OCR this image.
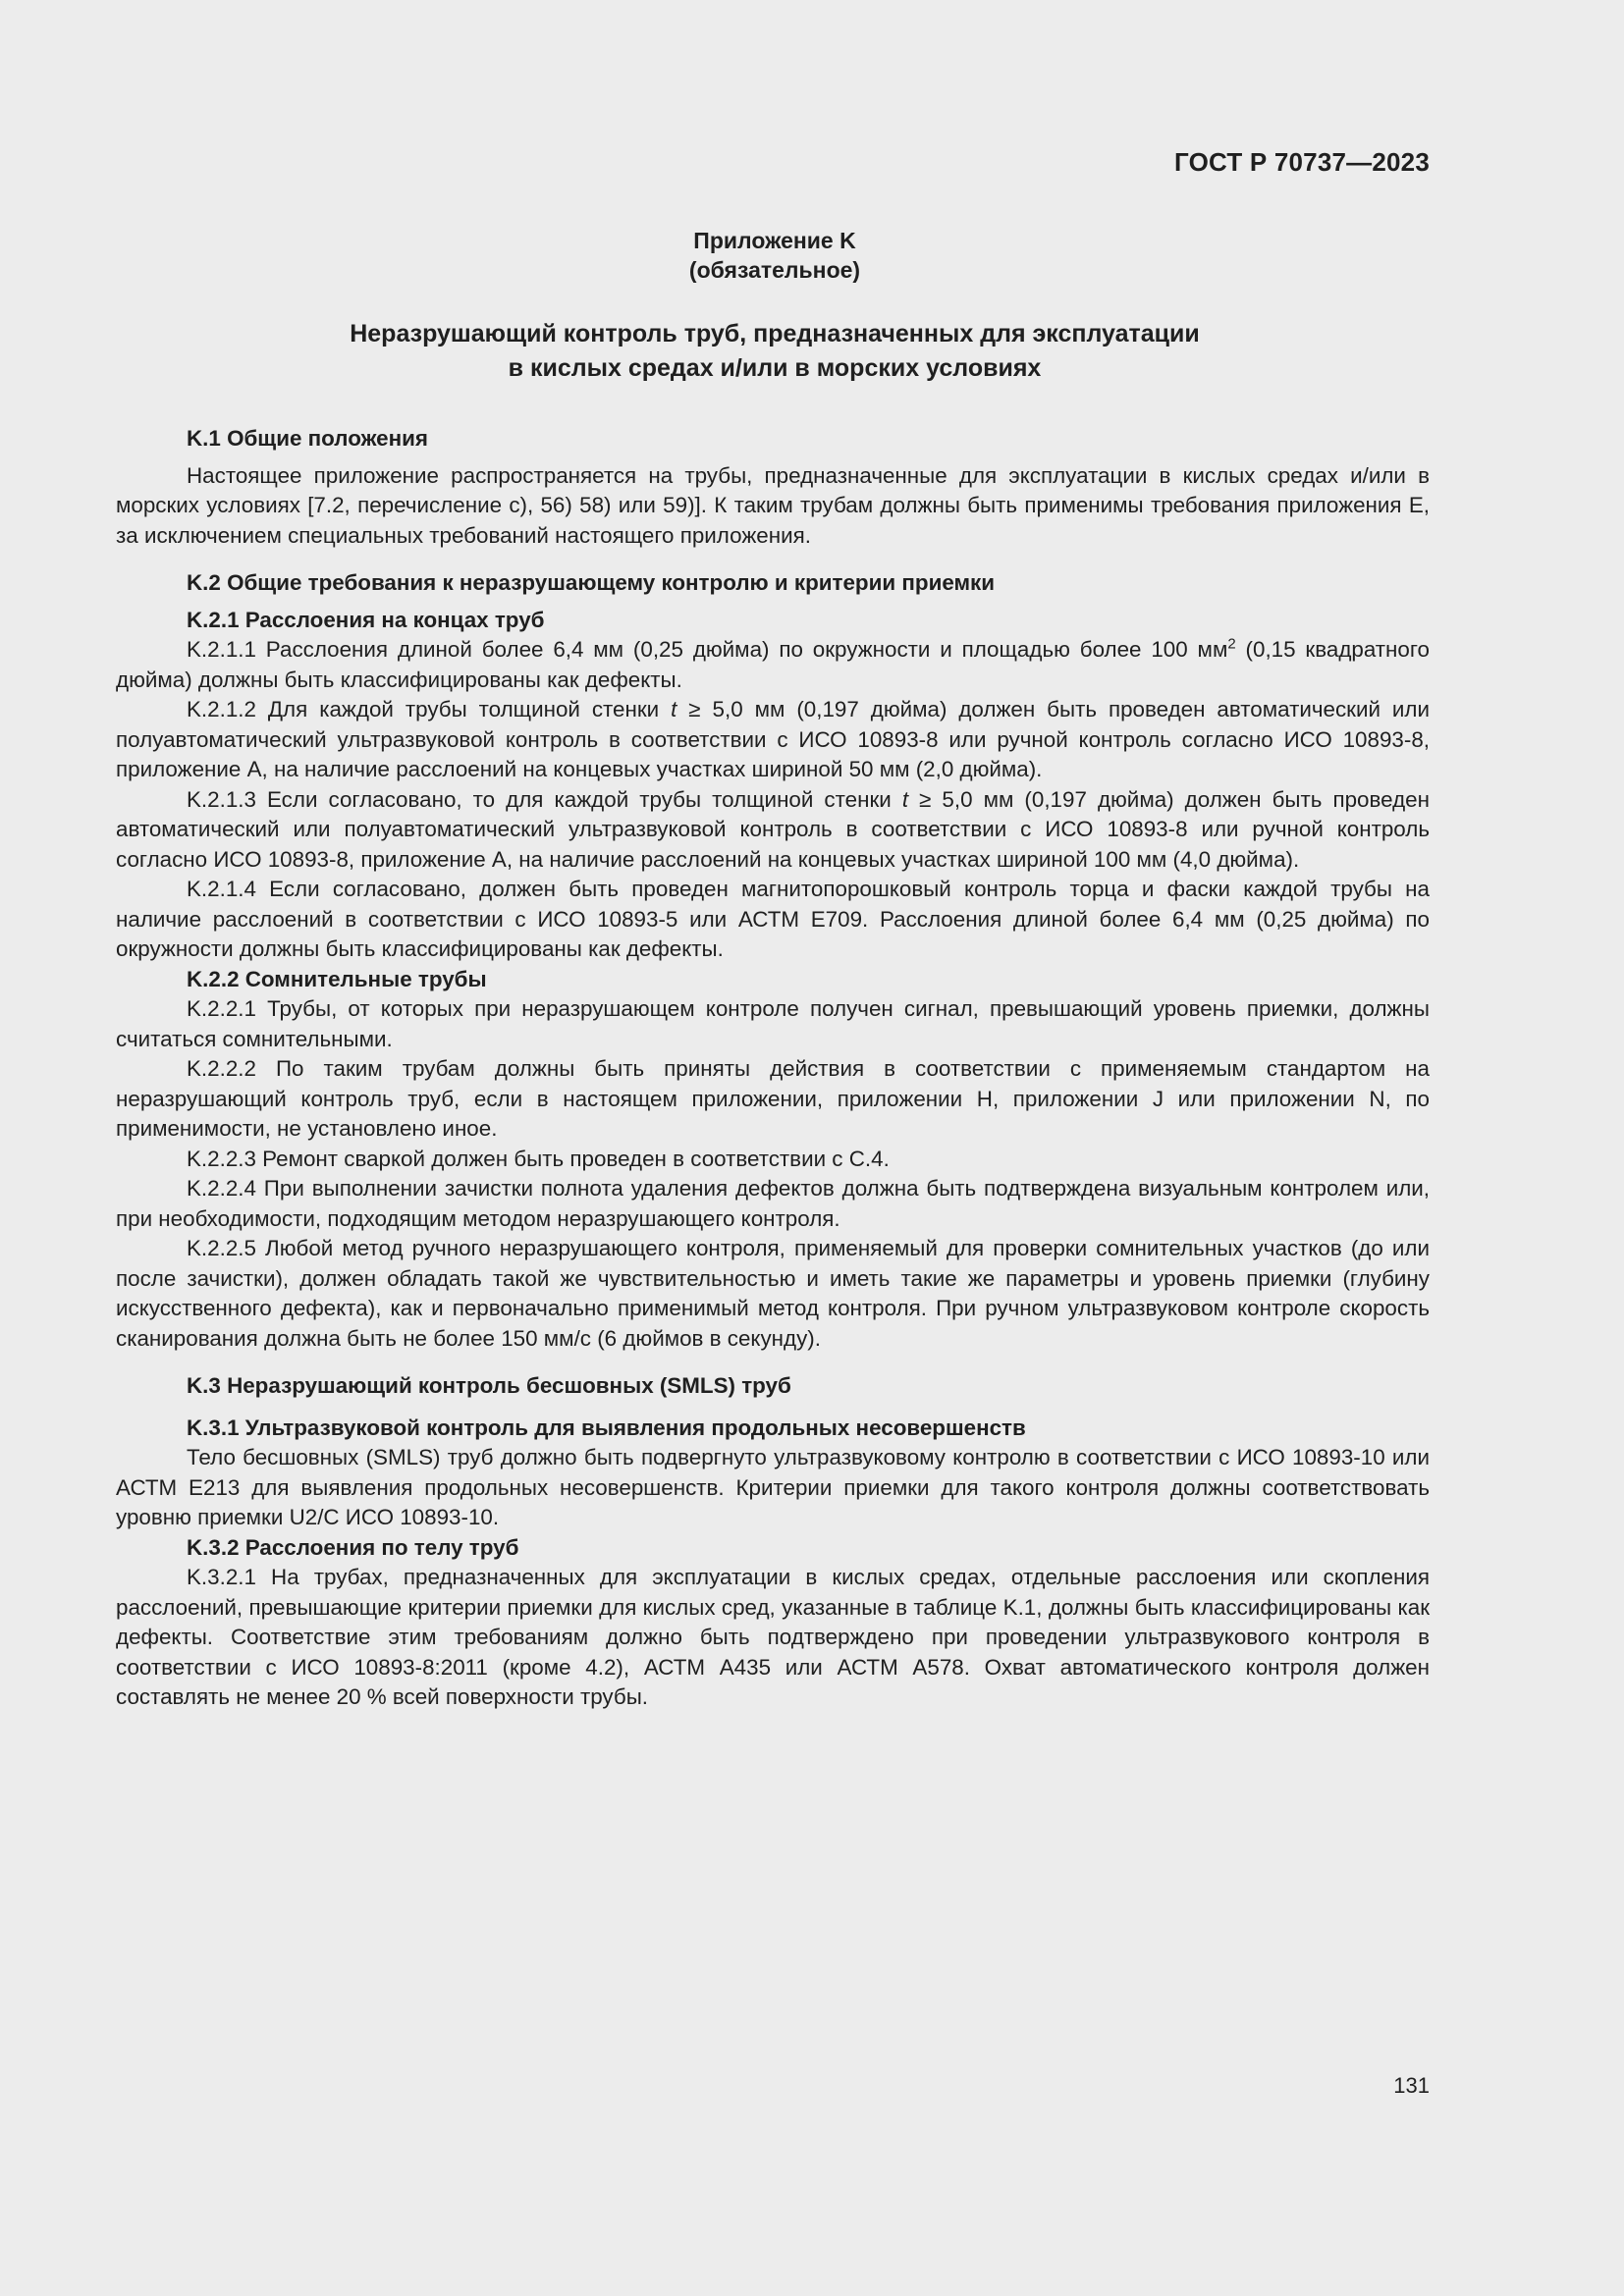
ГОСТ Р 70737—2023
Приложение K
(обязательное)
Неразрушающий контроль труб, предназначенных для эксплуатации
в кислых средах и/или в морских условиях

K.1 Общие положения

Настоящее приложение распространяется на трубы, предназначенные для эксплуатации в кислых средах и/или в морских условиях [7.2, перечисление с), 56) 58) или 59)]. К таким трубам должны быть применимы требования приложения Е, за исключением специальных требований настоящего приложения.

K.2 Общие требования к неразрушающему контролю и критерии приемки

K.2.1 Расслоения на концах труб

K.2.1.1 Расслоения длиной более 6,4 мм (0,25 дюйма) по окружности и площадью более 100 $мм^2$ (0,15 квадратного дюйма) должны быть классифицированы как дефекты.

K.2.1.2 Для каждой трубы толщиной стенки t ≥ 5,0 мм (0,197 дюйма) должен быть проведен автоматический или полуавтоматический ультразвуковой контроль в соответствии с ИСО 10893-8 или ручной контроль согласно ИСО 10893-8, приложение А, на наличие расслоений на концевых участках шириной 50 мм (2,0 дюйма).

K.2.1.3 Если согласовано, то для каждой трубы толщиной стенки t ≥ 5,0 мм (0,197 дюйма) должен быть проведен автоматический или полуавтоматический ультразвуковой контроль в соответствии с ИСО 10893-8 или ручной контроль согласно ИСО 10893-8, приложение А, на наличие расслоений на концевых участках шириной 100 мм (4,0 дюйма).

K.2.1.4 Если согласовано, должен быть проведен магнитопорошковый контроль торца и фаски каждой трубы на наличие расслоений в соответствии с ИСО 10893-5 или АСТМ Е709. Расслоения длиной более 6,4 мм (0,25 дюйма) по окружности должны быть классифицированы как дефекты.

K.2.2 Сомнительные трубы

K.2.2.1 Трубы, от которых при неразрушающем контроле получен сигнал, превышающий уровень приемки, должны считаться сомнительными.

K.2.2.2 По таким трубам должны быть приняты действия в соответствии с применяемым стандартом на неразрушающий контроль труб, если в настоящем приложении, приложении Н, приложении J или приложении N, по применимости, не установлено иное.

K.2.2.3 Ремонт сваркой должен быть проведен в соответствии с С.4.

K.2.2.4 При выполнении зачистки полнота удаления дефектов должна быть подтверждена визуальным контролем или, при необходимости, подходящим методом неразрушающего контроля.

K.2.2.5 Любой метод ручного неразрушающего контроля, применяемый для проверки сомнительных участков (до или после зачистки), должен обладать такой же чувствительностью и иметь такие же параметры и уровень приемки (глубину искусственного дефекта), как и первоначально применимый метод контроля. При ручном ультразвуковом контроле скорость сканирования должна быть не более 150 мм/с (6 дюймов в секунду).

K.3 Неразрушающий контроль бесшовных (SMLS) труб

K.3.1 Ультразвуковой контроль для выявления продольных несовершенств

Тело бесшовных (SMLS) труб должно быть подвергнуто ультразвуковому контролю в соответствии с ИСО 10893-10 или АСТМ Е213 для выявления продольных несовершенств. Критерии приемки для такого контроля должны соответствовать уровню приемки U2/C ИСО 10893-10.

K.3.2 Расслоения по телу труб

K.3.2.1 На трубах, предназначенных для эксплуатации в кислых средах, отдельные расслоения или скопления расслоений, превышающие критерии приемки для кислых сред, указанные в таблице K.1, должны быть классифицированы как дефекты. Соответствие этим требованиям должно быть подтверждено при проведении ультразвукового контроля в соответствии с ИСО 10893-8:2011 (кроме 4.2), АСТМ А435 или АСТМ А578. Охват автоматического контроля должен составлять не менее 20 % всей поверхности трубы.

131
